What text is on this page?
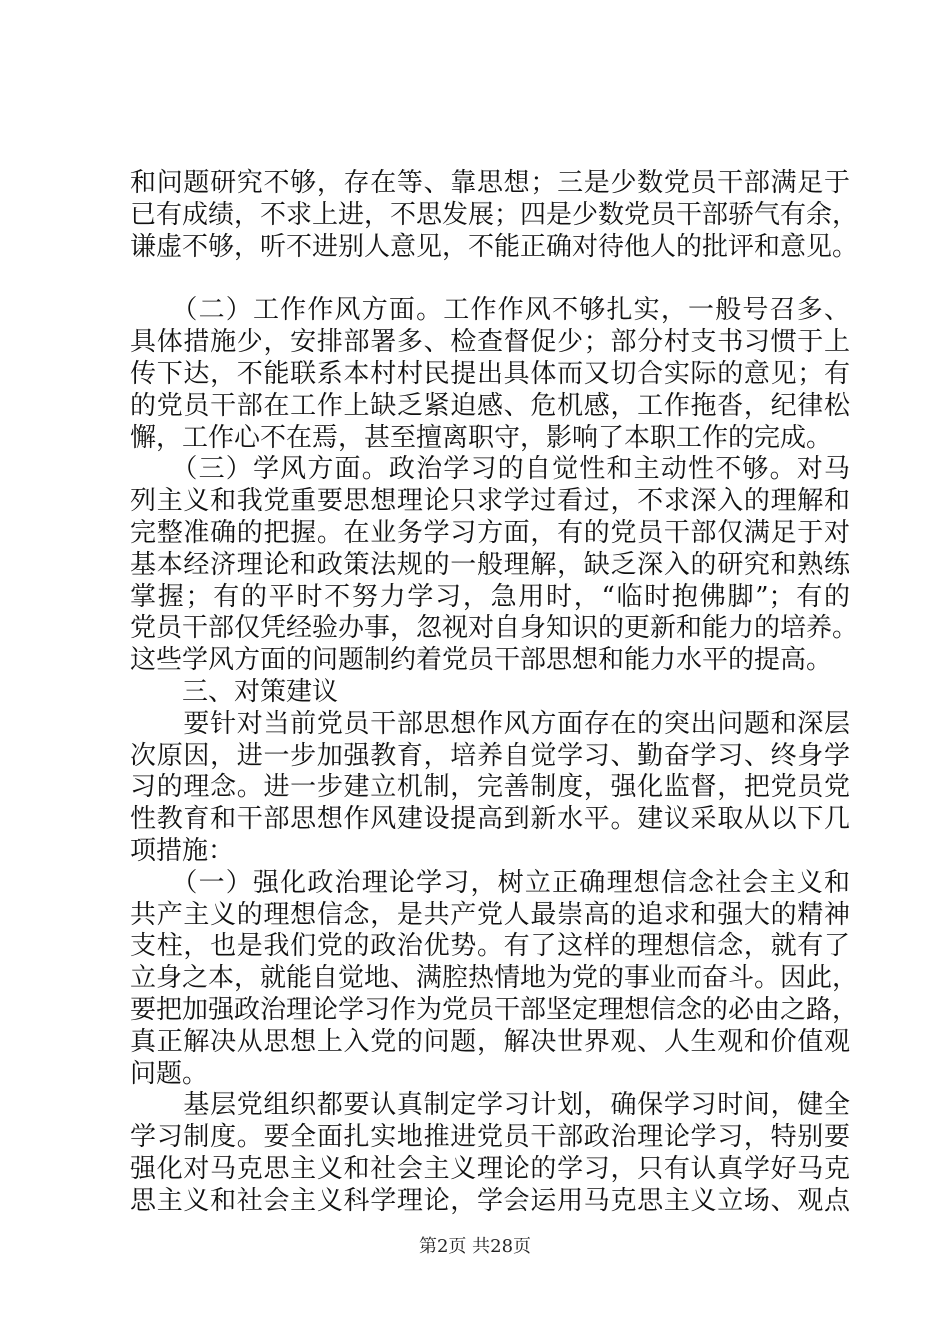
和问题研究不够，存在等、靠思想；三是少数党员干部满足于
已有成绩，不求上进，不思发展；四是少数党员干部骄气有余，
谦虚不够，听不进别人意见，不能正确对待他人的批评和意见。
　　（二）工作作风方面。工作作风不够扎实，一般号召多、
具体措施少，安排部署多、检查督促少；部分村支书习惯于上
传下达，不能联系本村村民提出具体而又切合实际的意见；有
的党员干部在工作上缺乏紧迫感、危机感，工作拖沓，纪律松
懈，工作心不在焉，甚至擅离职守，影响了本职工作的完成。
　　（三）学风方面。政治学习的自觉性和主动性不够。对马
列主义和我党重要思想理论只求学过看过，不求深入的理解和
完整准确的把握。在业务学习方面，有的党员干部仅满足于对
基本经济理论和政策法规的一般理解，缺乏深入的研究和熟练
掌握；有的平时不努力学习，急用时，“临时抱佛脚”；有的
党员干部仅凭经验办事，忽视对自身知识的更新和能力的培养。
这些学风方面的问题制约着党员干部思想和能力水平的提高。
　　三、对策建议
　　要针对当前党员干部思想作风方面存在的突出问题和深层
次原因，进一步加强教育，培养自觉学习、勤奋学习、终身学
习的理念。进一步建立机制，完善制度，强化监督，把党员党
性教育和干部思想作风建设提高到新水平。建议采取从以下几
项措施：
　　（一）强化政治理论学习，树立正确理想信念社会主义和
共产主义的理想信念，是共产党人最崇高的追求和强大的精神
支柱，也是我们党的政治优势。有了这样的理想信念，就有了
立身之本，就能自觉地、满腔热情地为党的事业而奋斗。因此，
要把加强政治理论学习作为党员干部坚定理想信念的必由之路，
真正解决从思想上入党的问题，解决世界观、人生观和价值观
问题。
　　基层党组织都要认真制定学习计划，确保学习时间，健全
学习制度。要全面扎实地推进党员干部政治理论学习，特别要
强化对马克思主义和社会主义理论的学习，只有认真学好马克
思主义和社会主义科学理论，学会运用马克思主义立场、观点
第2页 共28页
